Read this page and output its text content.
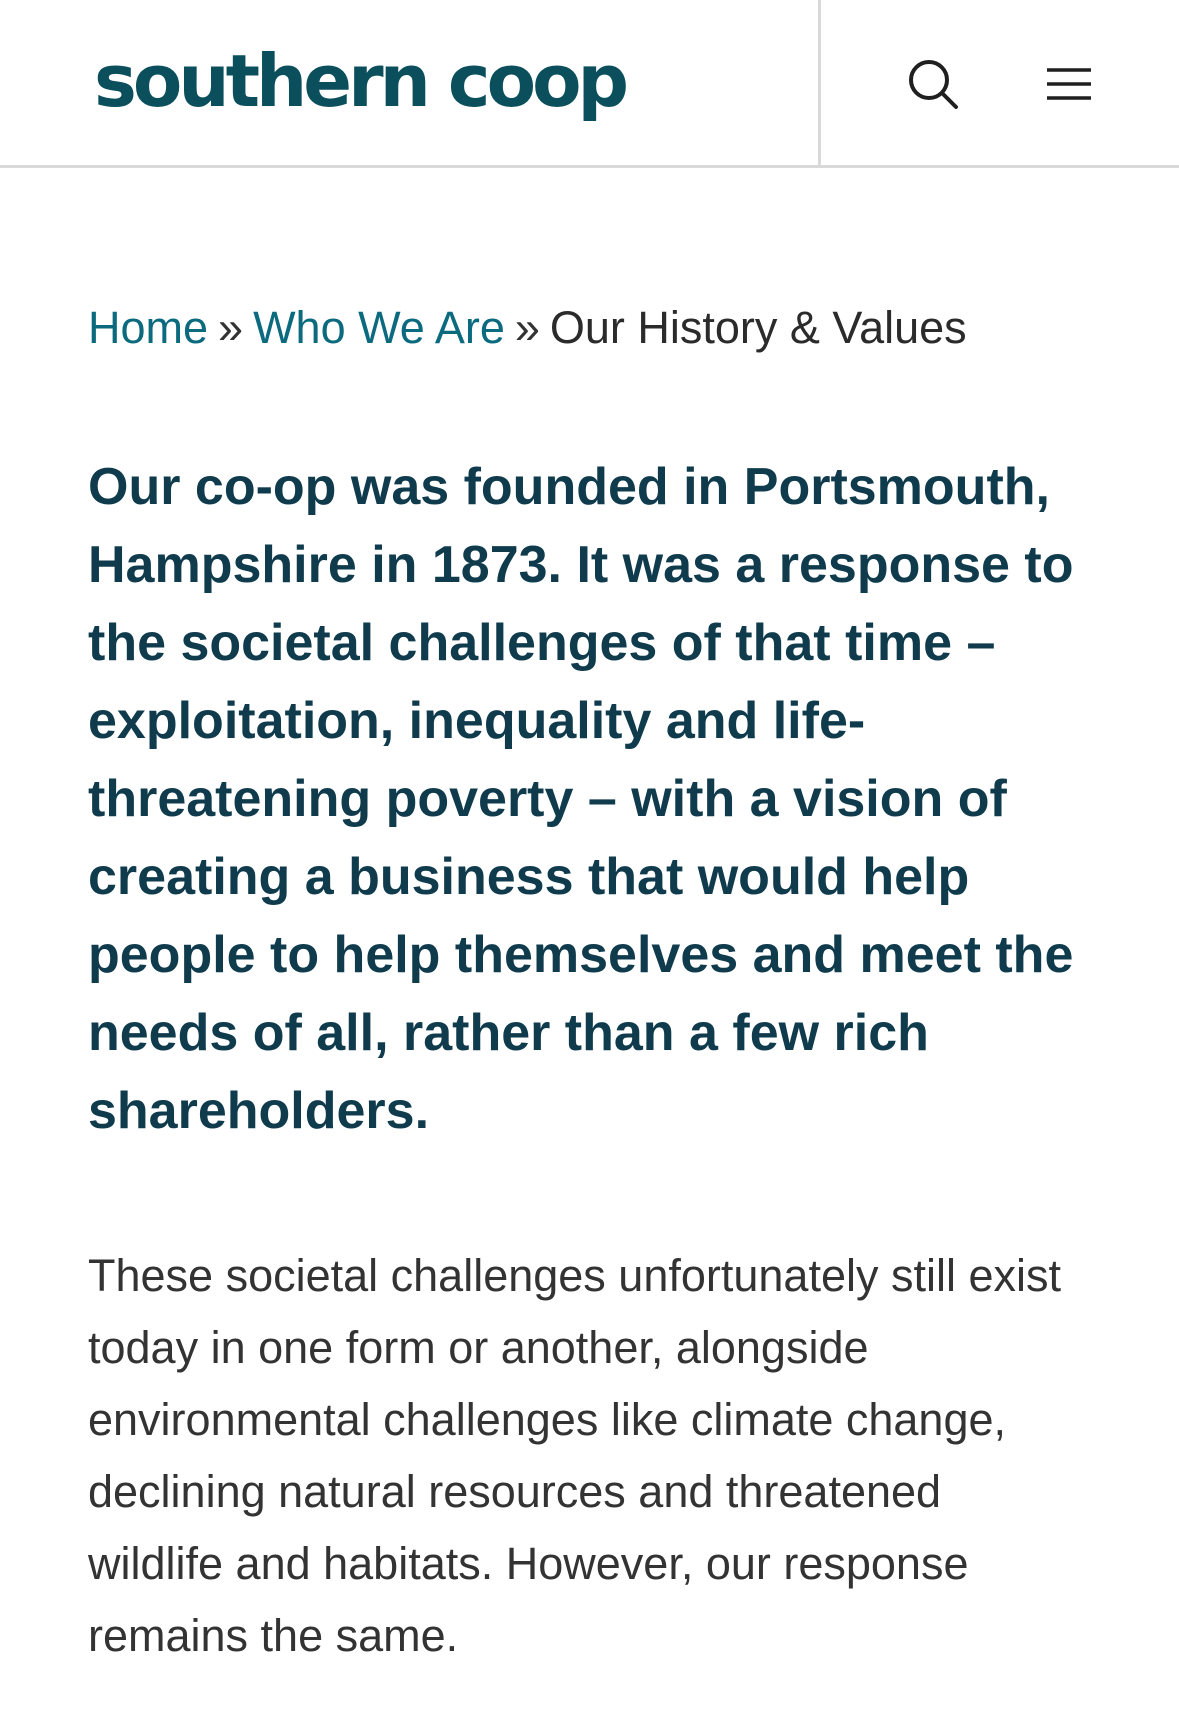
southern coop
Home » Who We Are » Our History & Values

Our co-op was founded in Portsmouth, Hampshire in 1873. It was a response to the societal challenges of that time – exploitation, inequality and life-threatening poverty – with a vision of creating a business that would help people to help themselves and meet the needs of all, rather than a few rich shareholders.

These societal challenges unfortunately still exist today in one form or another, alongside environmental challenges like climate change, declining natural resources and threatened wildlife and habitats. However, our response remains the same.
